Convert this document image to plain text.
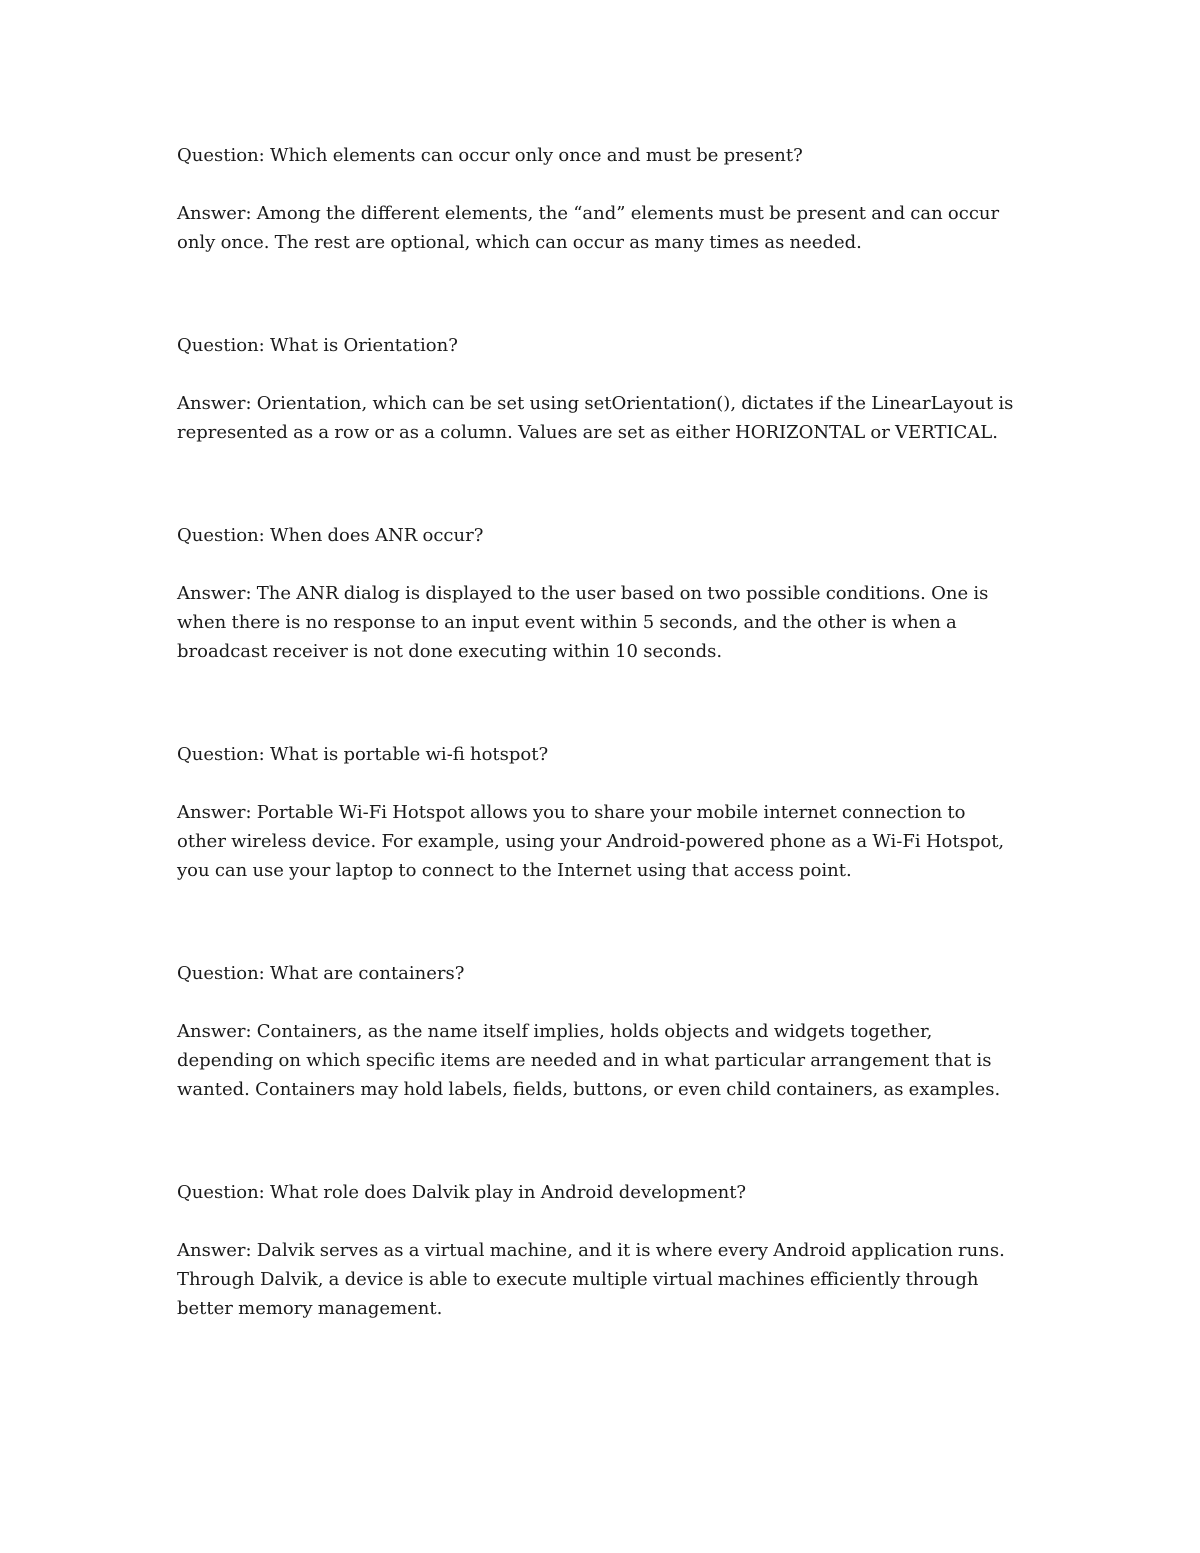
Question: Which elements can occur only once and must be present?

Answer: Among the different elements, the “and” elements must be present and can occur

only once. The rest are optional, which can occur as many times as needed.

Question: What is Orientation?

Answer: Orientation, which can be set using setOrientation(), dictates if the LinearLayout is

represented as a row or as a column. Values are set as either HORIZONTAL or VERTICAL.

Question: When does ANR occur?

Answer: The ANR dialog is displayed to the user based on two possible conditions. One is

when there is no response to an input event within 5 seconds, and the other is when a

broadcast receiver is not done executing within 10 seconds.

Question: What is portable wi-fi hotspot?

Answer: Portable Wi-Fi Hotspot allows you to share your mobile internet connection to

other wireless device. For example, using your Android-powered phone as a Wi-Fi Hotspot,

you can use your laptop to connect to the Internet using that access point.

Question: What are containers?

Answer: Containers, as the name itself implies, holds objects and widgets together,

depending on which specific items are needed and in what particular arrangement that is

wanted. Containers may hold labels, fields, buttons, or even child containers, as examples.

Question: What role does Dalvik play in Android development?

Answer: Dalvik serves as a virtual machine, and it is where every Android application runs.

Through Dalvik, a device is able to execute multiple virtual machines efficiently through

better memory management.
